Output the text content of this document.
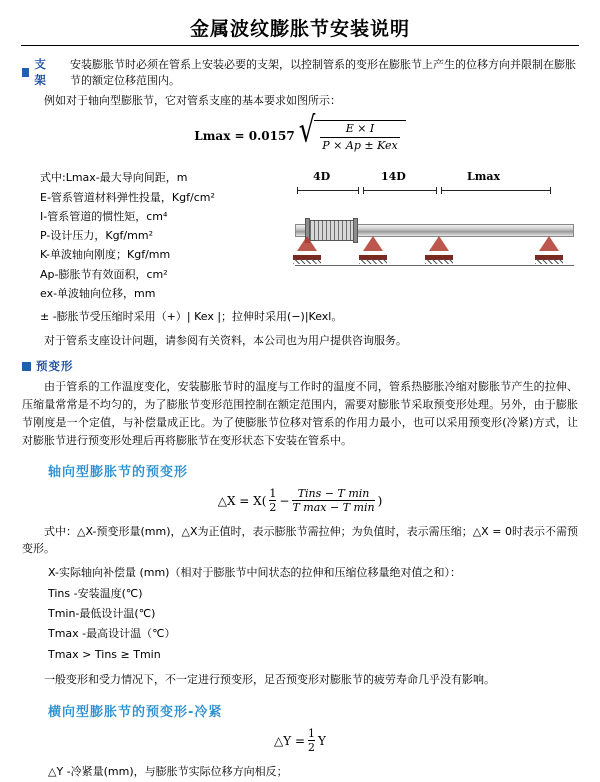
金属波纹膨胀节安装说明
支架
安装膨胀节时必须在管系上安装必要的支架，以控制管系的变形在膨胀节上产生的位移方向并限制在膨胀节的额定位移范围内。

例如对于轴向型膨胀节，它对管系支座的基本要求如图所示：

Lmax = 0.0157 √ $\frac{E \times I}{\text{P × Ap ± Kex}}$
式中:Lmax-最大导向间距，m
E-管系管道材料弹性投量，Kgf/cm²
I-管系管道的惯性矩，cm⁴
P-设计压力，Kgf/mm²
K-单波轴向刚度；Kgf/mm
Ap-膨胀节有效面积，cm²
ex-单波轴向位移，mm
4D	14D	Lmax
± -膨胀节受压缩时采用（+）| Kex |；拉伸时采用(−)|Kexl。

对于管系支座设计问题，请参阅有关资料，本公司也为用户提供咨询服务。

预变形

由于管系的工作温度变化，安装膨胀节时的温度与工作时的温度不同，管系热膨胀冷缩对膨胀节产生的拉伸、压缩量常常是不均匀的，为了膨胀节变形范围控制在额定范围内，需要对膨胀节采取预变形处理。另外，由于膨胀节刚度是一个定值，与补偿量成正比。为了使膨胀节位移对管系的作用力最小，也可以采用预变形(冷紧)方式，让对膨胀节进行预变形处理后再将膨胀节在变形状态下安装在管系中。

轴向型膨胀节的预变形
△X = $X( \frac{1}{2}$ −
Tins − T min
T max − T min )

式中：△X-预变形量(mm)，△X为正值时，表示膨胀节需拉伸；为负值时，表示需压缩；△X = 0时表示不需预变形。

X-实际轴向补偿量 (mm)（相对于膨胀节中间状态的拉伸和压缩位移量绝对值之和）：
Tins -安装温度(℃)
Tmin-最低设计温(℃)
Tmax -最高设计温（℃）
Tmax > Tins ≥ Tmin

一般变形和受力情况下，不一定进行预变形，足否预变形对膨胀节的疲劳寿命几乎没有影响。

横向型膨胀节的预变形-冷紧
△Y = $\frac{1}{2}$ Y
△Y -冷紧量(mm)，与膨胀节实际位移方向相反；
